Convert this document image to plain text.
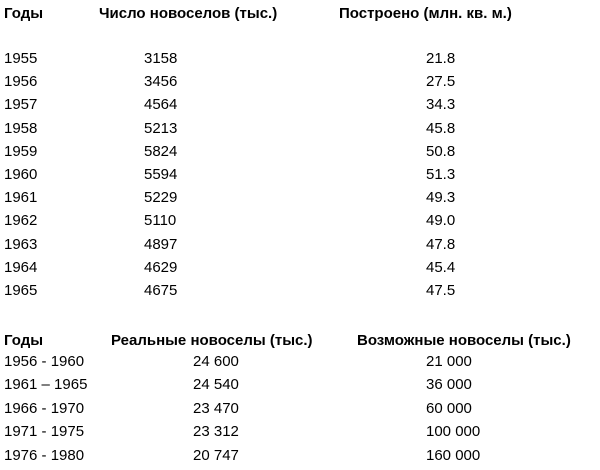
Годы	Число новоселов (тыс.)	Построено (млн. кв. м.)
1955	3158	21.8
1956	3456	27.5
1957	4564	34.3
1958	5213	45.8
1959	5824	50.8
1960	5594	51.3
1961	5229	49.3
1962	5110	49.0
1963	4897	47.8
1964	4629	45.4
1965	4675	47.5
Годы	Реальные новоселы (тыс.)	Возможные новоселы (тыс.)
1956 - 1960	24 600	21 000
1961 – 1965	24 540	36 000
1966 - 1970	23 470	60 000
1971 - 1975	23 312	100 000
1976 - 1980	20 747	160 000
